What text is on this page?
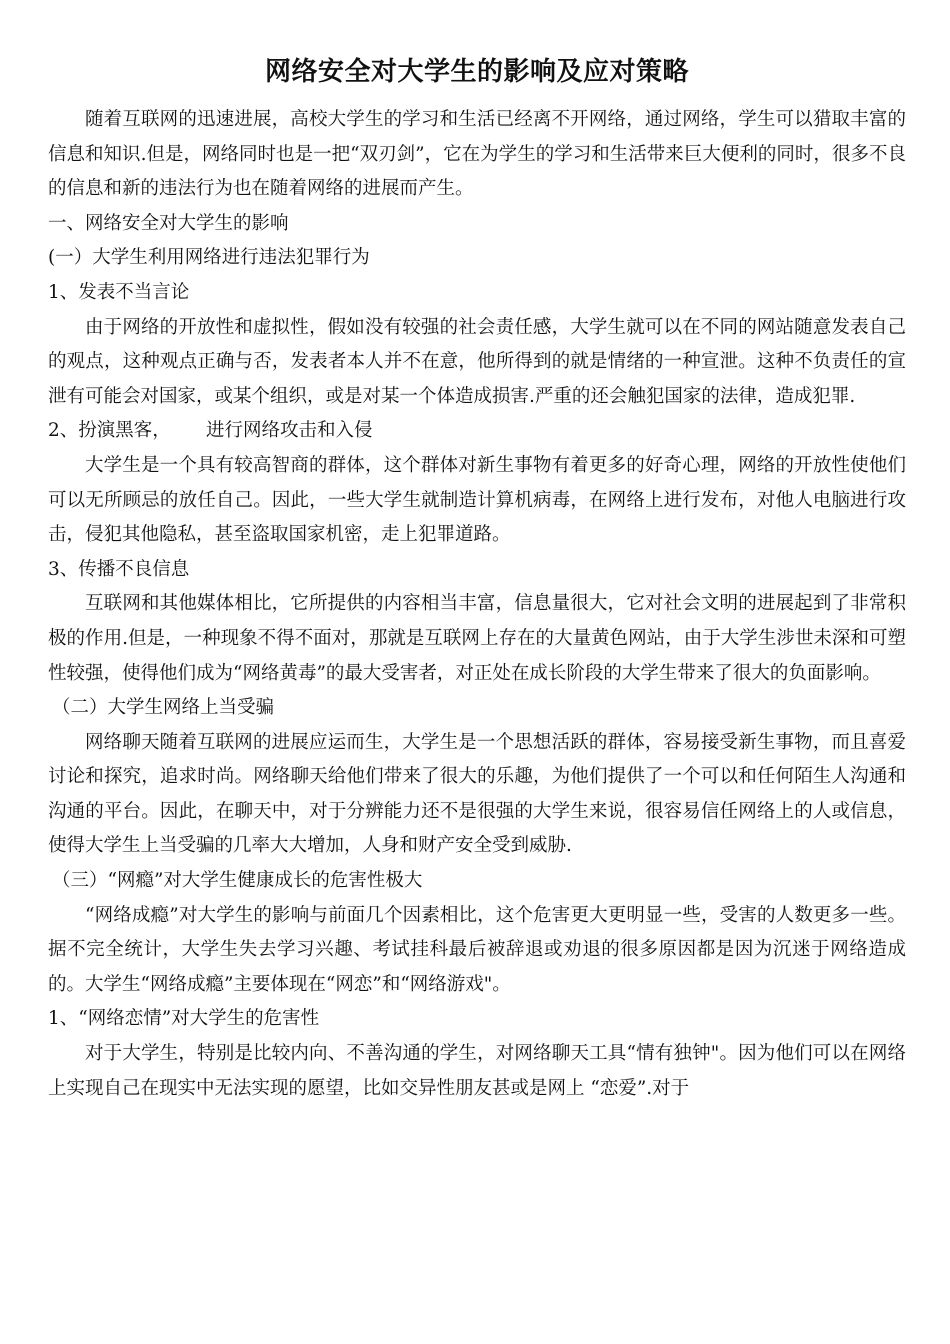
网络安全对大学生的影响及应对策略

随着互联网的迅速进展，高校大学生的学习和生活已经离不开网络，通过网络，学生可以猎取丰富的信息和知识.但是，网络同时也是一把“双刃剑”，它在为学生的学习和生活带来巨大便利的同时，很多不良的信息和新的违法行为也在随着网络的进展而产生。

一、网络安全对大学生的影响

(一）大学生利用网络进行违法犯罪行为

1、发表不当言论

由于网络的开放性和虚拟性，假如没有较强的社会责任感，大学生就可以在不同的网站随意发表自己的观点，这种观点正确与否，发表者本人并不在意，他所得到的就是情绪的一种宣泄。这种不负责任的宣泄有可能会对国家，或某个组织，或是对某一个体造成损害.严重的还会触犯国家的法律，造成犯罪.

2、扮演黑客，      进行网络攻击和入侵

大学生是一个具有较高智商的群体，这个群体对新生事物有着更多的好奇心理，网络的开放性使他们可以无所顾忌的放任自己。因此，一些大学生就制造计算机病毒，在网络上进行发布，对他人电脑进行攻击，侵犯其他隐私，甚至盗取国家机密，走上犯罪道路。

3、传播不良信息

互联网和其他媒体相比，它所提供的内容相当丰富，信息量很大，它对社会文明的进展起到了非常积极的作用.但是，一种现象不得不面对，那就是互联网上存在的大量黄色网站，由于大学生涉世未深和可塑性较强，使得他们成为“网络黄毒”的最大受害者，对正处在成长阶段的大学生带来了很大的负面影响。

（二）大学生网络上当受骗

网络聊天随着互联网的进展应运而生，大学生是一个思想活跃的群体，容易接受新生事物，而且喜爱讨论和探究，追求时尚。网络聊天给他们带来了很大的乐趣，为他们提供了一个可以和任何陌生人沟通和沟通的平台。因此，在聊天中，对于分辨能力还不是很强的大学生来说，很容易信任网络上的人或信息，使得大学生上当受骗的几率大大增加，人身和财产安全受到威胁.

（三）“网瘾”对大学生健康成长的危害性极大

“网络成瘾”对大学生的影响与前面几个因素相比，这个危害更大更明显一些，受害的人数更多一些。据不完全统计，大学生失去学习兴趣、考试挂科最后被辞退或劝退的很多原因都是因为沉迷于网络造成的。大学生“网络成瘾”主要体现在“网恋”和“网络游戏"。

1、“网络恋情”对大学生的危害性

对于大学生，特别是比较内向、不善沟通的学生，对网络聊天工具“情有独钟"。因为他们可以在网络上实现自己在现实中无法实现的愿望，比如交异性朋友甚或是网上 “恋爱”.对于
